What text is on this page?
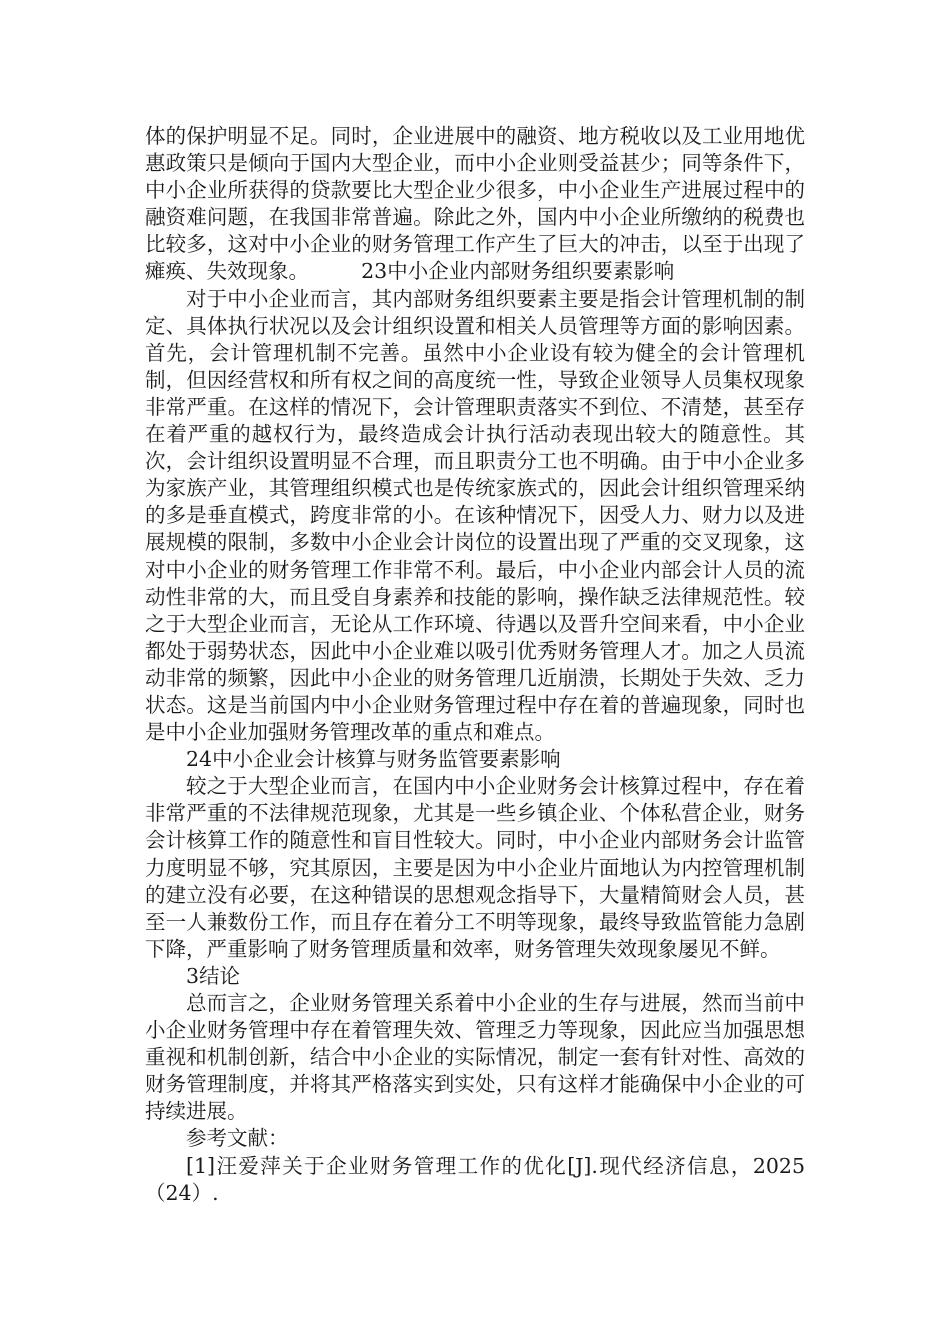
体的保护明显不足。同时，企业进展中的融资、地方税收以及工业用地优惠政策只是倾向于国内大型企业，而中小企业则受益甚少；同等条件下，中小企业所获得的贷款要比大型企业少很多，中小企业生产进展过程中的融资难问题，在我国非常普遍。除此之外，国内中小企业所缴纳的税费也比较多，这对中小企业的财务管理工作产生了巨大的冲击，以至于出现了瘫痪、失效现象。        23中小企业内部财务组织要素影响

对于中小企业而言，其内部财务组织要素主要是指会计管理机制的制定、具体执行状况以及会计组织设置和相关人员管理等方面的影响因素。首先，会计管理机制不完善。虽然中小企业设有较为健全的会计管理机制，但因经营权和所有权之间的高度统一性，导致企业领导人员集权现象非常严重。在这样的情况下，会计管理职责落实不到位、不清楚，甚至存在着严重的越权行为，最终造成会计执行活动表现出较大的随意性。其次，会计组织设置明显不合理，而且职责分工也不明确。由于中小企业多为家族产业，其管理组织模式也是传统家族式的，因此会计组织管理采纳的多是垂直模式，跨度非常的小。在该种情况下，因受人力、财力以及进展规模的限制，多数中小企业会计岗位的设置出现了严重的交叉现象，这对中小企业的财务管理工作非常不利。最后，中小企业内部会计人员的流动性非常的大，而且受自身素养和技能的影响，操作缺乏法律规范性。较之于大型企业而言，无论从工作环境、待遇以及晋升空间来看，中小企业都处于弱势状态，因此中小企业难以吸引优秀财务管理人才。加之人员流动非常的频繁，因此中小企业的财务管理几近崩溃，长期处于失效、乏力状态。这是当前国内中小企业财务管理过程中存在着的普遍现象，同时也是中小企业加强财务管理改革的重点和难点。

24中小企业会计核算与财务监管要素影响

较之于大型企业而言，在国内中小企业财务会计核算过程中，存在着非常严重的不法律规范现象，尤其是一些乡镇企业、个体私营企业，财务会计核算工作的随意性和盲目性较大。同时，中小企业内部财务会计监管力度明显不够，究其原因，主要是因为中小企业片面地认为内控管理机制的建立没有必要，在这种错误的思想观念指导下，大量精简财会人员，甚至一人兼数份工作，而且存在着分工不明等现象，最终导致监管能力急剧下降，严重影响了财务管理质量和效率，财务管理失效现象屡见不鲜。

3结论

总而言之，企业财务管理关系着中小企业的生存与进展，然而当前中小企业财务管理中存在着管理失效、管理乏力等现象，因此应当加强思想重视和机制创新，结合中小企业的实际情况，制定一套有针对性、高效的财务管理制度，并将其严格落实到实处，只有这样才能确保中小企业的可持续进展。

参考文献：

[1]汪爱萍关于企业财务管理工作的优化[J].现代经济信息，2025（24）.
